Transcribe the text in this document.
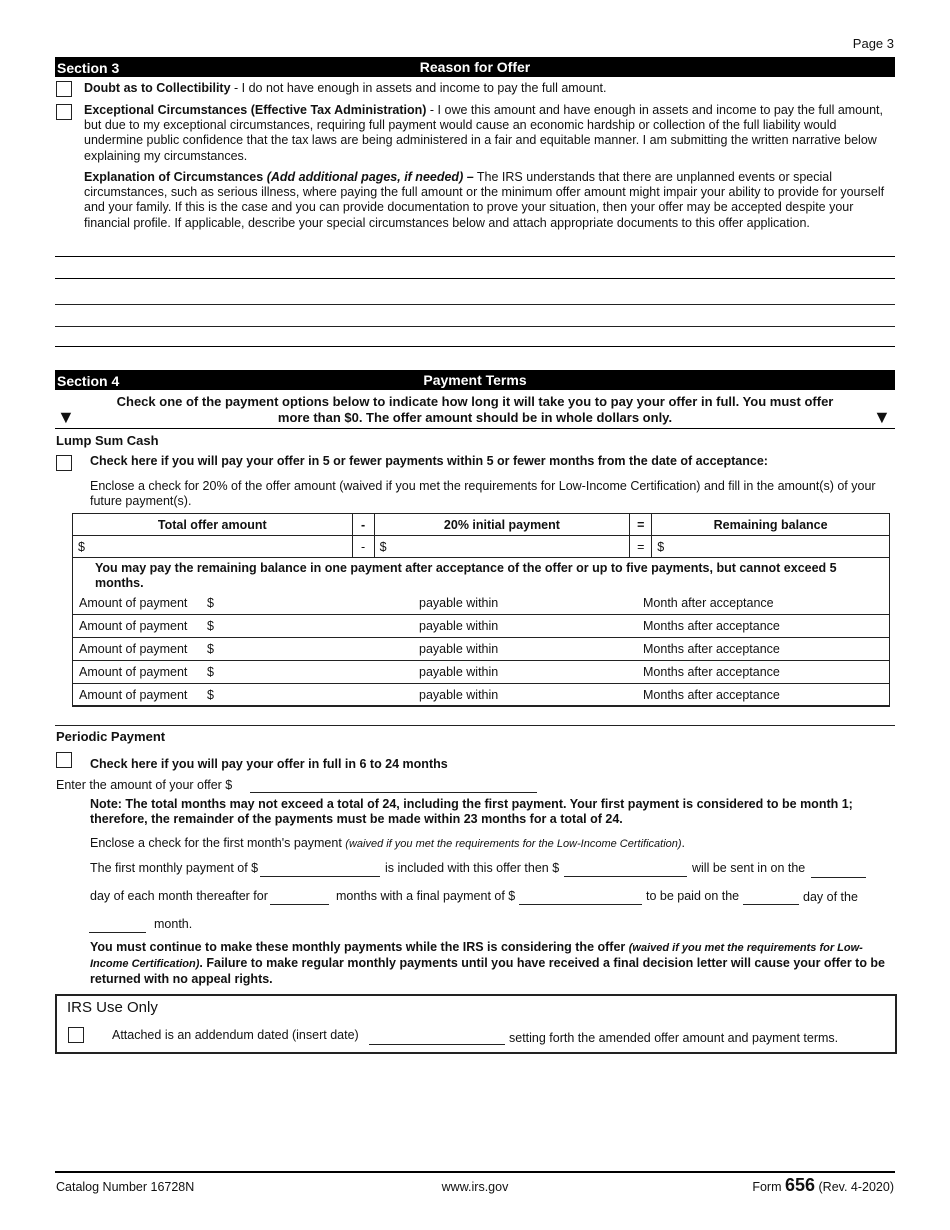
Page 3
Section 3	Reason for Offer
Doubt as to Collectibility - I do not have enough in assets and income to pay the full amount.
Exceptional Circumstances (Effective Tax Administration) - I owe this amount and have enough in assets and income to pay the full amount, but due to my exceptional circumstances, requiring full payment would cause an economic hardship or collection of the full liability would undermine public confidence that the tax laws are being administered in a fair and equitable manner. I am submitting the written narrative below explaining my circumstances.
Explanation of Circumstances (Add additional pages, if needed) – The IRS understands that there are unplanned events or special circumstances, such as serious illness, where paying the full amount or the minimum offer amount might impair your ability to provide for yourself and your family. If this is the case and you can provide documentation to prove your situation, then your offer may be accepted despite your financial profile. If applicable, describe your special circumstances below and attach appropriate documents to this offer application.
Section 4	Payment Terms
Check one of the payment options below to indicate how long it will take you to pay your offer in full. You must offer more than $0. The offer amount should be in whole dollars only.
▼	▼
Lump Sum Cash
Check here if you will pay your offer in 5 or fewer payments within 5 or fewer months from the date of acceptance:
Enclose a check for 20% of the offer amount (waived if you met the requirements for Low-Income Certification) and fill in the amount(s) of your future payment(s).
Total offer amount	-	20% initial payment	=	Remaining balance
$	-	$	=	$
You may pay the remaining balance in one payment after acceptance of the offer or up to five payments, but cannot exceed 5 months.				
Amount of payment $	payable within	Month after acceptance
Amount of payment $	payable within	Months after acceptance
Amount of payment $	payable within	Months after acceptance
Amount of payment $	payable within	Months after acceptance
Amount of payment $	payable within	Months after acceptance
Periodic Payment
Check here if you will pay your offer in full in 6 to 24 months
Enter the amount of your offer $
Note: The total months may not exceed a total of 24, including the first payment. Your first payment is considered to be month 1; therefore, the remainder of the payments must be made within 23 months for a total of 24.
Enclose a check for the first month's payment (waived if you met the requirements for the Low-Income Certification).
The first monthly payment of $	is included with this offer then $	will be sent in on the
day of each month thereafter for	months with a final payment of $	to be paid on the	day of the
month.
You must continue to make these monthly payments while the IRS is considering the offer (waived if you met the requirements for Low-Income Certification). Failure to make regular monthly payments until you have received a final decision letter will cause your offer to be returned with no appeal rights.
IRS Use Only
Attached is an addendum dated (insert date)	setting forth the amended offer amount and payment terms.
Catalog Number 16728N	www.irs.gov	Form 656 (Rev. 4-2020)
